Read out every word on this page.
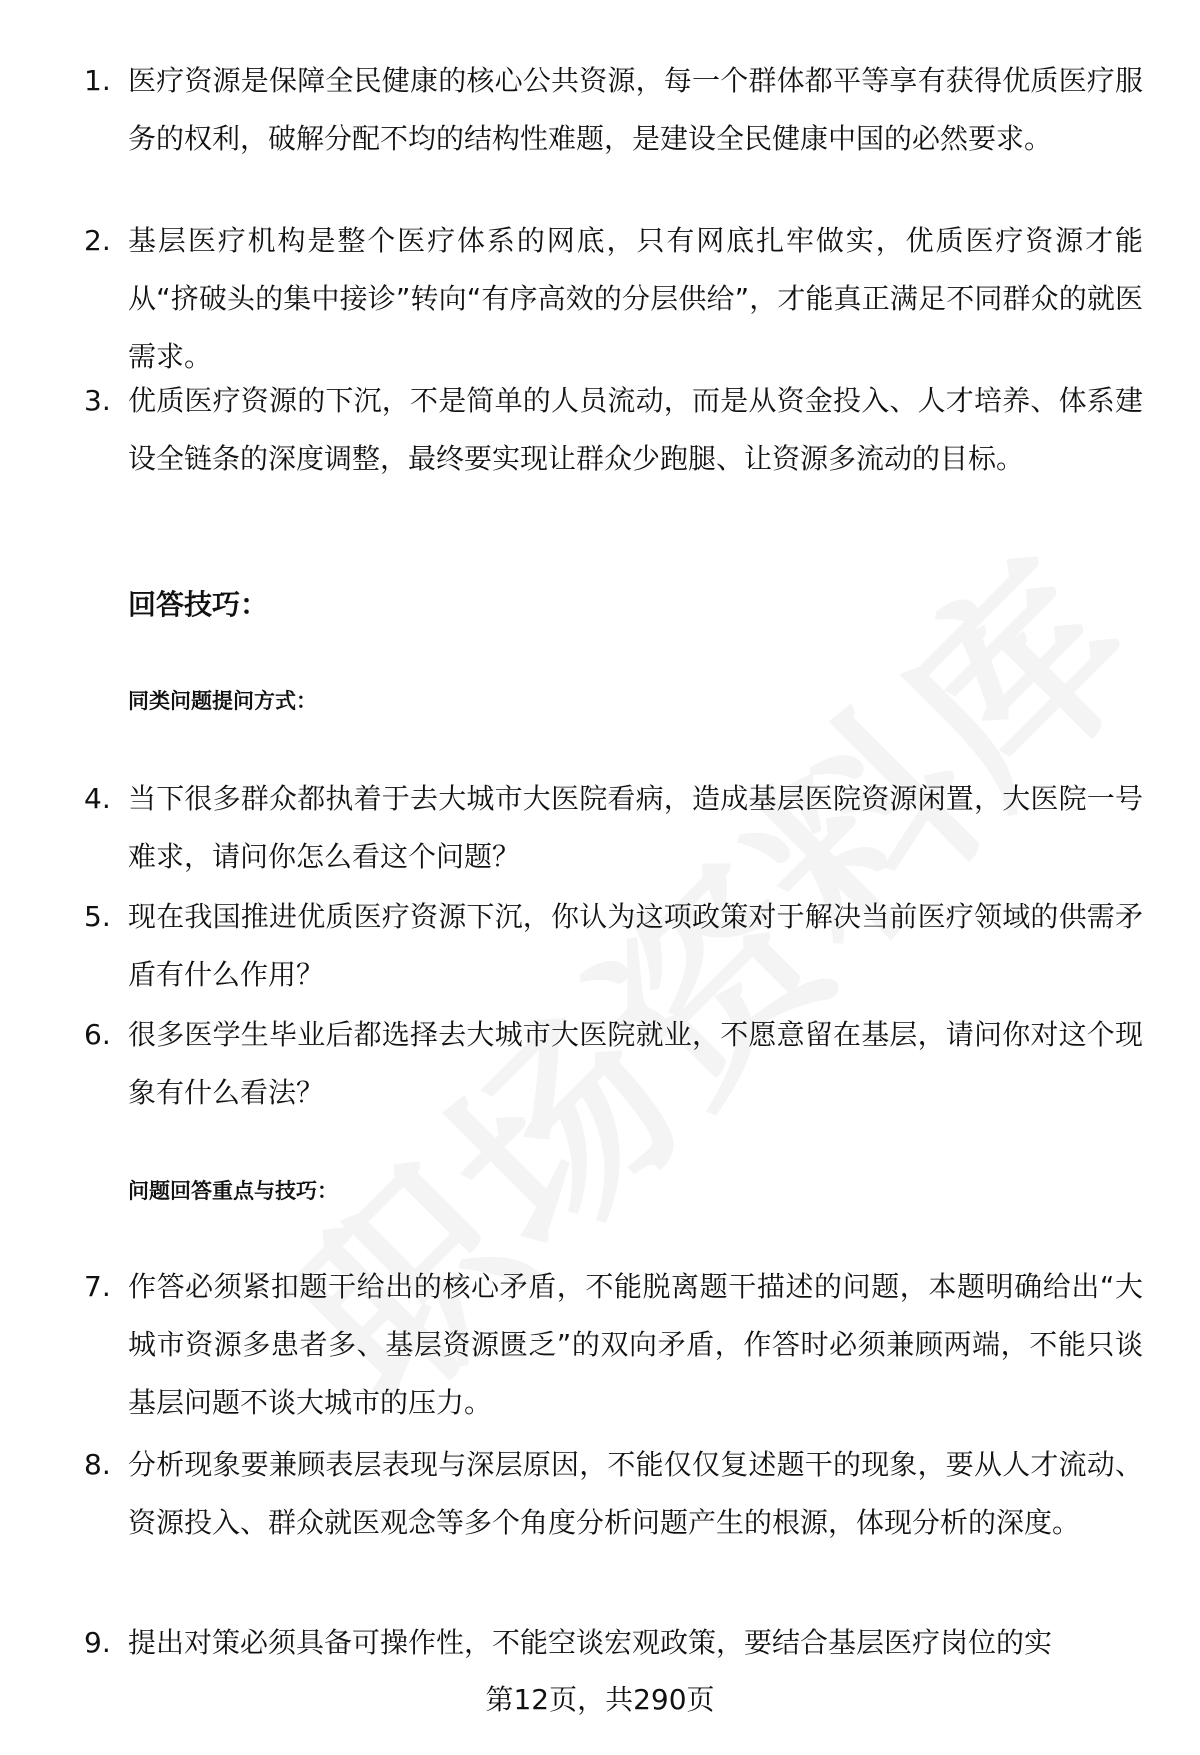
1. 医疗资源是保障全民健康的核心公共资源，每一个群体都平等享有获得优质医疗服务的权利，破解分配不均的结构性难题，是建设全民健康中国的必然要求。
2. 基层医疗机构是整个医疗体系的网底，只有网底扎牢做实，优质医疗资源才能从“挤破头的集中接诊”转向“有序高效的分层供给”，才能真正满足不同群众的就医需求。
3. 优质医疗资源的下沉，不是简单的人员流动，而是从资金投入、人才培养、体系建设全链条的深度调整，最终要实现让群众少跑腿、让资源多流动的目标。
回答技巧：
同类问题提问方式：
4. 当下很多群众都执着于去大城市大医院看病，造成基层医院资源闲置，大医院一号难求，请问你怎么看这个问题？
5. 现在我国推进优质医疗资源下沉，你认为这项政策对于解决当前医疗领域的供需矛盾有什么作用？
6. 很多医学生毕业后都选择去大城市大医院就业，不愿意留在基层，请问你对这个现象有什么看法？
问题回答重点与技巧：
7. 作答必须紧扣题干给出的核心矛盾，不能脱离题干描述的问题，本题明确给出“大城市资源多患者多、基层资源匮乏”的双向矛盾，作答时必须兼顾两端，不能只谈基层问题不谈大城市的压力。
8. 分析现象要兼顾表层表现与深层原因，不能仅仅复述题干的现象，要从人才流动、资源投入、群众就医观念等多个角度分析问题产生的根源，体现分析的深度。
9. 提出对策必须具备可操作性，不能空谈宏观政策，要结合基层医疗岗位的实
第12页，共290页
